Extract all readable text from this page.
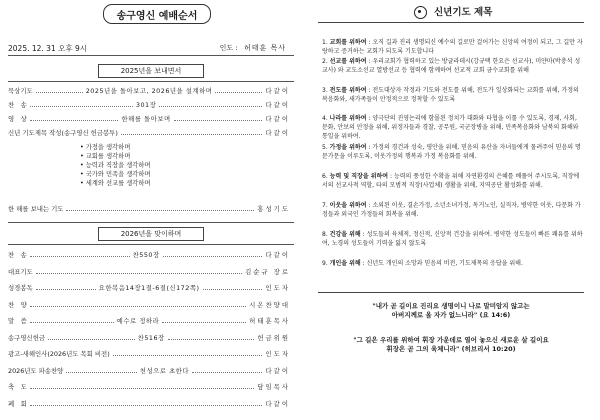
송구영신 예배순서
2025. 12. 31 오후 9시	인도 : 허태훈 목사
2025년을 보내면서
묵상기도	2025년을 돌아보고, 2026년을 설계하며	다같이
찬　송	301장	다같이
영　상	한해를 돌아보며	다같이
신년 기도제목 작성(송구영신 헌금봉투)	다같이
• 가정을 생각하며
• 교회를 생각하며
• 능력과 직장을 생각하며
• 국가와 민족을 생각하며
• 세계와 선교를 생각하며
한 해를 보내는 기도	홍성기도
2026년을 맞이하며
찬　송	찬550장	다같이
대표기도	김순규 장로
성경봉독	요한복음14장1절-6절(신172쪽)	인도자
찬　양	시온찬양대
말　씀	예수로 정하라	허태훈목사
송구영신헌금	찬516장	헌금위원
광고-새해인사(2026년도 목회 비전)	인도자
2026년도 파송찬양	천성으로 초한다	다같이
축　도	담임목사
폐　회	다같이
신년기도 제목
1. 교회를 위하여 : 오직 길과 진리 생명되신 예수의 길로만 걸어가는 신앙의 여정이 되고, 그 길만 자랑하고 증거하는 교회가 되도록 기도합니다
2. 선교를 위하여 : 우리교회가 협력하고 있는 방글라데시(강규택 한요은 선교사), 미얀마(박충석 성교사) 와 교도소선교 열방선교 등 협력에 함께하여 선교적 교회 금수교회를 위해
3. 전도를 위하여 : 전도대상자 작정과 기도와 전도를 위해, 전도가 일상화되는 교회를 위해, 가정의 복음화와, 새가족들이 안정적으로 정착할 수 있도록
4. 나라를 위하여 : 양극단의 진영논리에 함몰된 정치가 대화와 타협을 이룰 수 있도록, 경제, 사회, 문화, 안보의 안정을 위해, 위정자들과 경찰, 공무원, 국군장병을 위해, 민족복음화와 남북의 화해와 통일을 위하여.
5. 가정을 위하여 : 가정의 경건과 성숙, 평안을 위해, 믿음의 유산을 자녀들에게 물려주어 믿음의 명문가문을 이루도록, 이웃가정의 행복과 가정 복음화를 위해.
6. 능력 및 직장을 위하여 : 능력의 풍성한 수확을 위해 자연환경의 은혜를 베풀어 주시도록, 직장에서의 선교사적 역할, 타의 모범적 직장(사업체) 생활을 위해, 지역공단 활성화를 위해.
7. 이웃을 위하여 : 소외된 이웃, 결손가정, 소년소녀가정, 독거노인, 실직자, 병약한 이웃, 다문화 가정들과 외국인 가정들의 회복을 위해.
8. 건강을 위해 : 성도들의 육체적, 정신적, 신앙적 건강을 위하여. 병약한 성도들이 빠른 쾌유를 위하여, 노경의 성도들이 기력을 잃지 않도록
9. 개인을 위해 : 신년도 개인의 소망과 믿음의 비전, 기도제목의 응답을 위해.
"내가 곧 길이요 진리요 생명이니 나로 말미암지 않고는
아버지께로 올 자가 없느니라" (요 14:6)
"그 길은 우리를 위하여 휘장 가운데로 열어 놓으신 새로운 살 길이요
휘장은 곧 그의 육체니라" (히브리서 10:20)
